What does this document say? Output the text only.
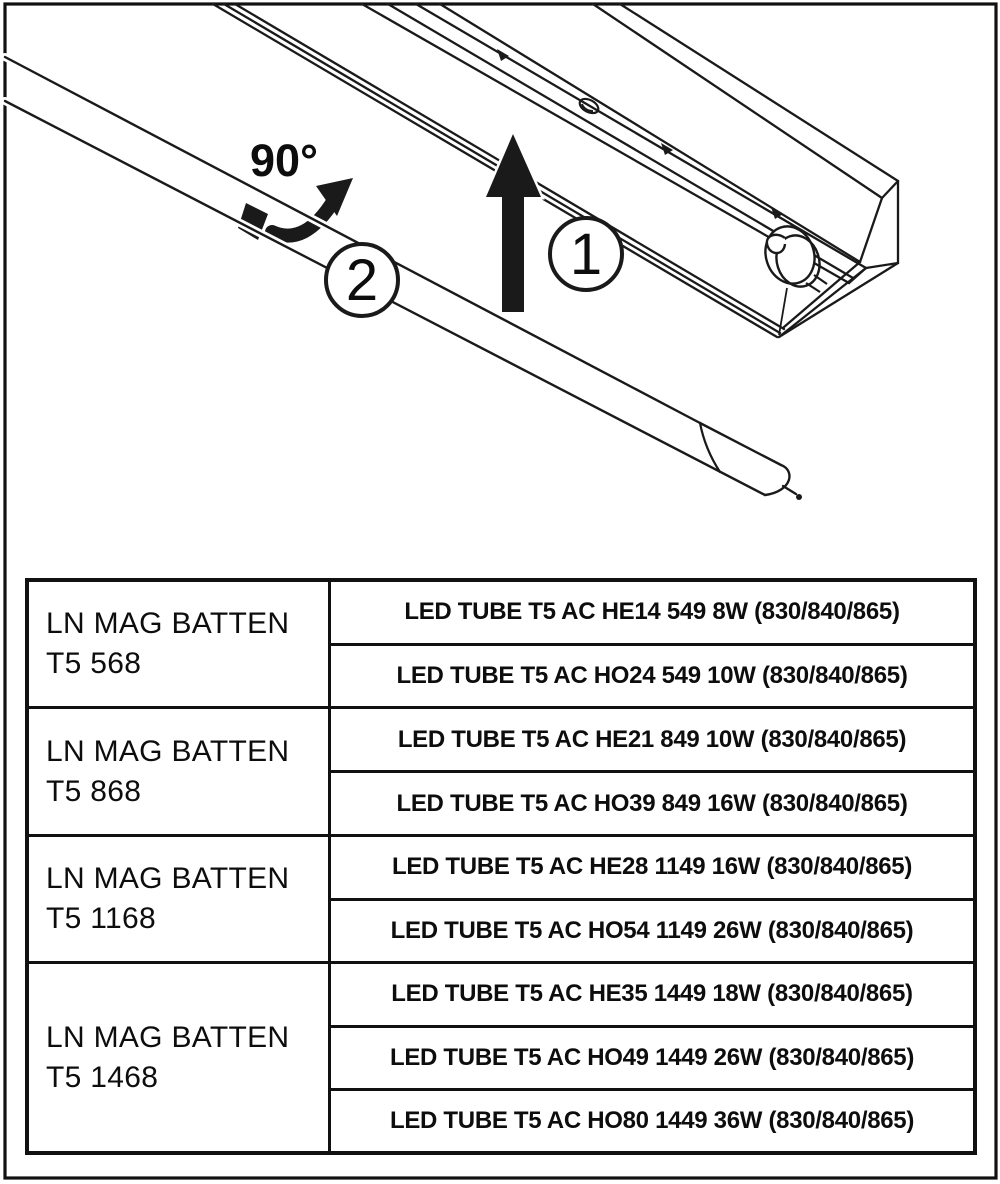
2	1
90°
LN MAG BATTEN
T5 568
LED TUBE T5 AC HE14 549 8W (830/840/865)
LED TUBE T5 AC HO24 549 10W (830/840/865)
LN MAG BATTEN
T5 868
LED TUBE T5 AC HE21 849 10W (830/840/865)
LED TUBE T5 AC HO39 849 16W (830/840/865)
LN MAG BATTEN
T5 1168
LED TUBE T5 AC HE28 1149 16W (830/840/865)
LED TUBE T5 AC HO54 1149 26W (830/840/865)
LN MAG BATTEN
T5 1468
LED TUBE T5 AC HE35 1449 18W (830/840/865)
LED TUBE T5 AC HO49 1449 26W (830/840/865)
LED TUBE T5 AC HO80 1449 36W (830/840/865)
